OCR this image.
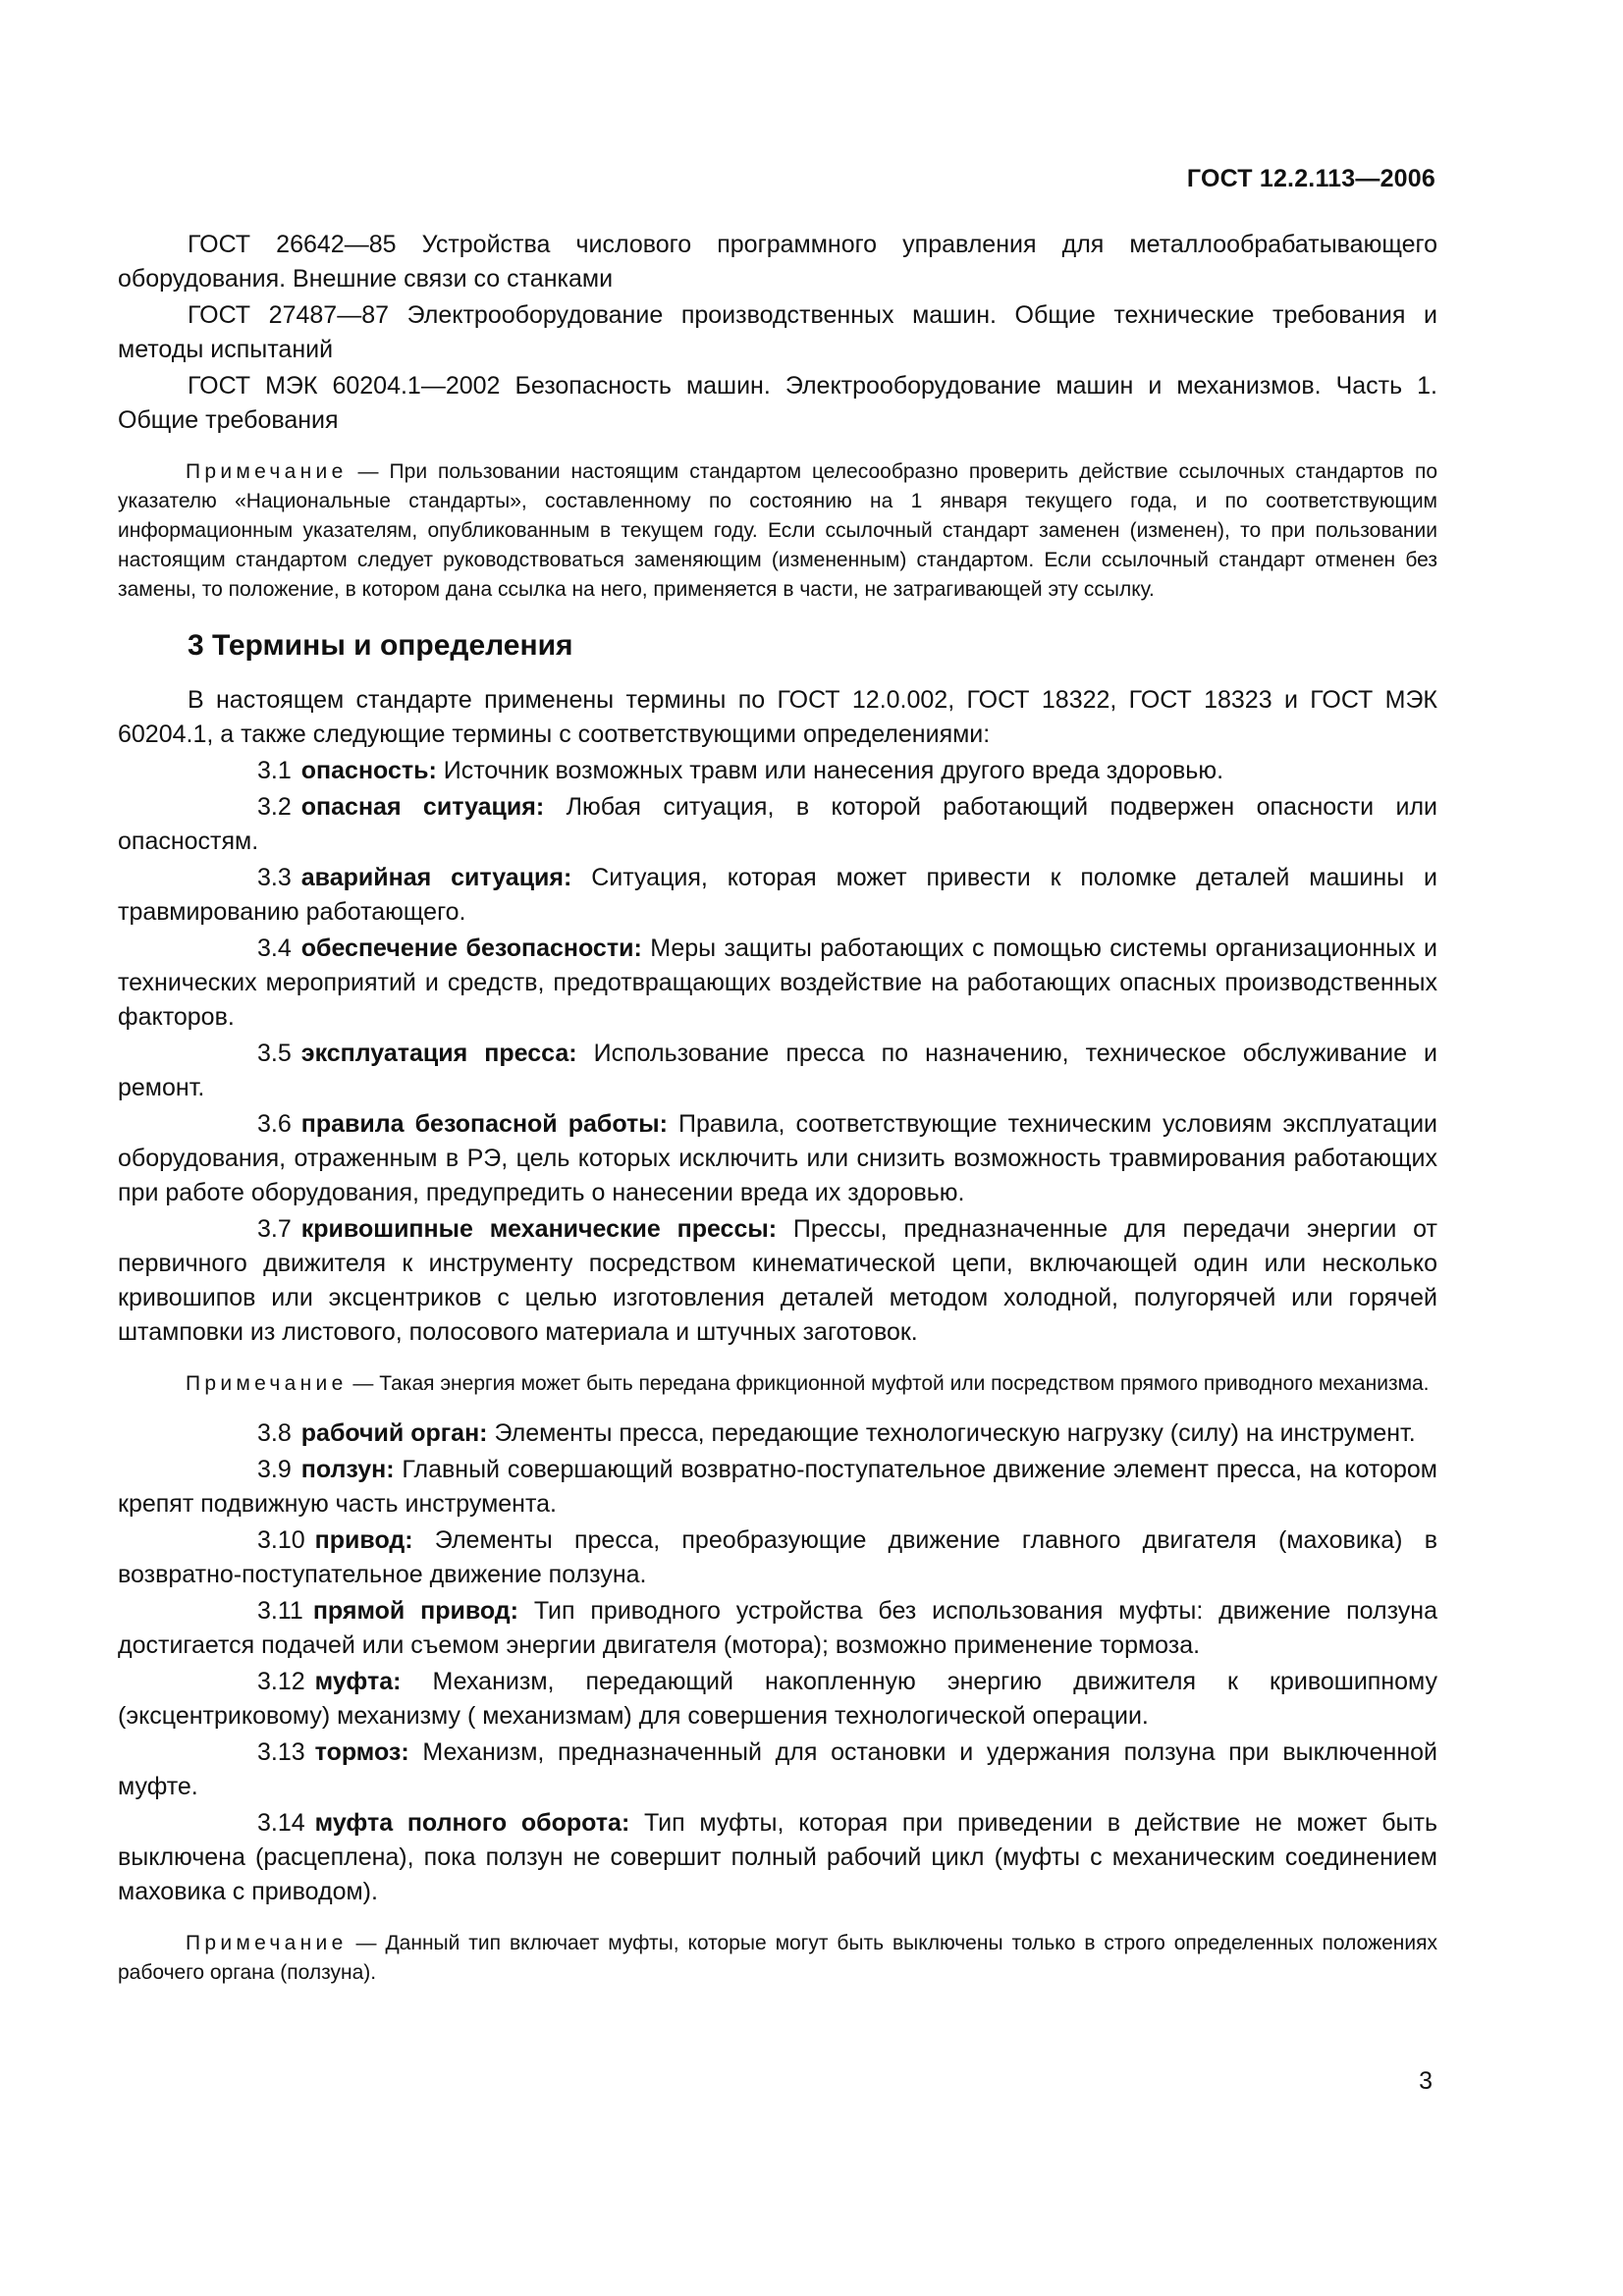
ГОСТ 12.2.113—2006

ГОСТ 26642—85 Устройства числового программного управления для металлообрабатывающего оборудования. Внешние связи со станками

ГОСТ 27487—87 Электрооборудование производственных машин. Общие технические требования и методы испытаний

ГОСТ МЭК 60204.1—2002 Безопасность машин. Электрооборудование машин и механизмов. Часть 1. Общие требования

Примечание — При пользовании настоящим стандартом целесообразно проверить действие ссылочных стандартов по указателю «Национальные стандарты», составленному по состоянию на 1 января текущего года, и по соответствующим информационным указателям, опубликованным в текущем году. Если ссылочный стандарт заменен (изменен), то при пользовании настоящим стандартом следует руководствоваться заменяющим (измененным) стандартом. Если ссылочный стандарт отменен без замены, то положение, в котором дана ссылка на него, применяется в части, не затрагивающей эту ссылку.

3 Термины и определения

В настоящем стандарте применены термины по ГОСТ 12.0.002, ГОСТ 18322, ГОСТ 18323 и ГОСТ МЭК 60204.1, а также следующие термины с соответствующими определениями:

3.1 опасность: Источник возможных травм или нанесения другого вреда здоровью.

3.2 опасная ситуация: Любая ситуация, в которой работающий подвержен опасности или опасностям.

3.3 аварийная ситуация: Ситуация, которая может привести к поломке деталей машины и травмированию работающего.

3.4 обеспечение безопасности: Меры защиты работающих с помощью системы организационных и технических мероприятий и средств, предотвращающих воздействие на работающих опасных производственных факторов.

3.5 эксплуатация пресса: Использование пресса по назначению, техническое обслуживание и ремонт.

3.6 правила безопасной работы: Правила, соответствующие техническим условиям эксплуатации оборудования, отраженным в РЭ, цель которых исключить или снизить возможность травмирования работающих при работе оборудования, предупредить о нанесении вреда их здоровью.

3.7 кривошипные механические прессы: Прессы, предназначенные для передачи энергии от первичного движителя к инструменту посредством кинематической цепи, включающей один или несколько кривошипов или эксцентриков с целью изготовления деталей методом холодной, полугорячей или горячей штамповки из листового, полосового материала и штучных заготовок.

Примечание — Такая энергия может быть передана фрикционной муфтой или посредством прямого приводного механизма.

3.8 рабочий орган: Элементы пресса, передающие технологическую нагрузку (силу) на инструмент.

3.9 ползун: Главный совершающий возвратно-поступательное движение элемент пресса, на котором крепят подвижную часть инструмента.

3.10 привод: Элементы пресса, преобразующие движение главного двигателя (маховика) в возвратно-поступательное движение ползуна.

3.11 прямой привод: Тип приводного устройства без использования муфты: движение ползуна достигается подачей или съемом энергии двигателя (мотора); возможно применение тормоза.

3.12 муфта: Механизм, передающий накопленную энергию движителя к кривошипному (эксцентриковому) механизму ( механизмам) для совершения технологической операции.

3.13 тормоз: Механизм, предназначенный для остановки и удержания ползуна при выключенной муфте.

3.14 муфта полного оборота: Тип муфты, которая при приведении в действие не может быть выключена (расцеплена), пока ползун не совершит полный рабочий цикл (муфты с механическим соединением маховика с приводом).

Примечание — Данный тип включает муфты, которые могут быть выключены только в строго определенных положениях рабочего органа (ползуна).

3
